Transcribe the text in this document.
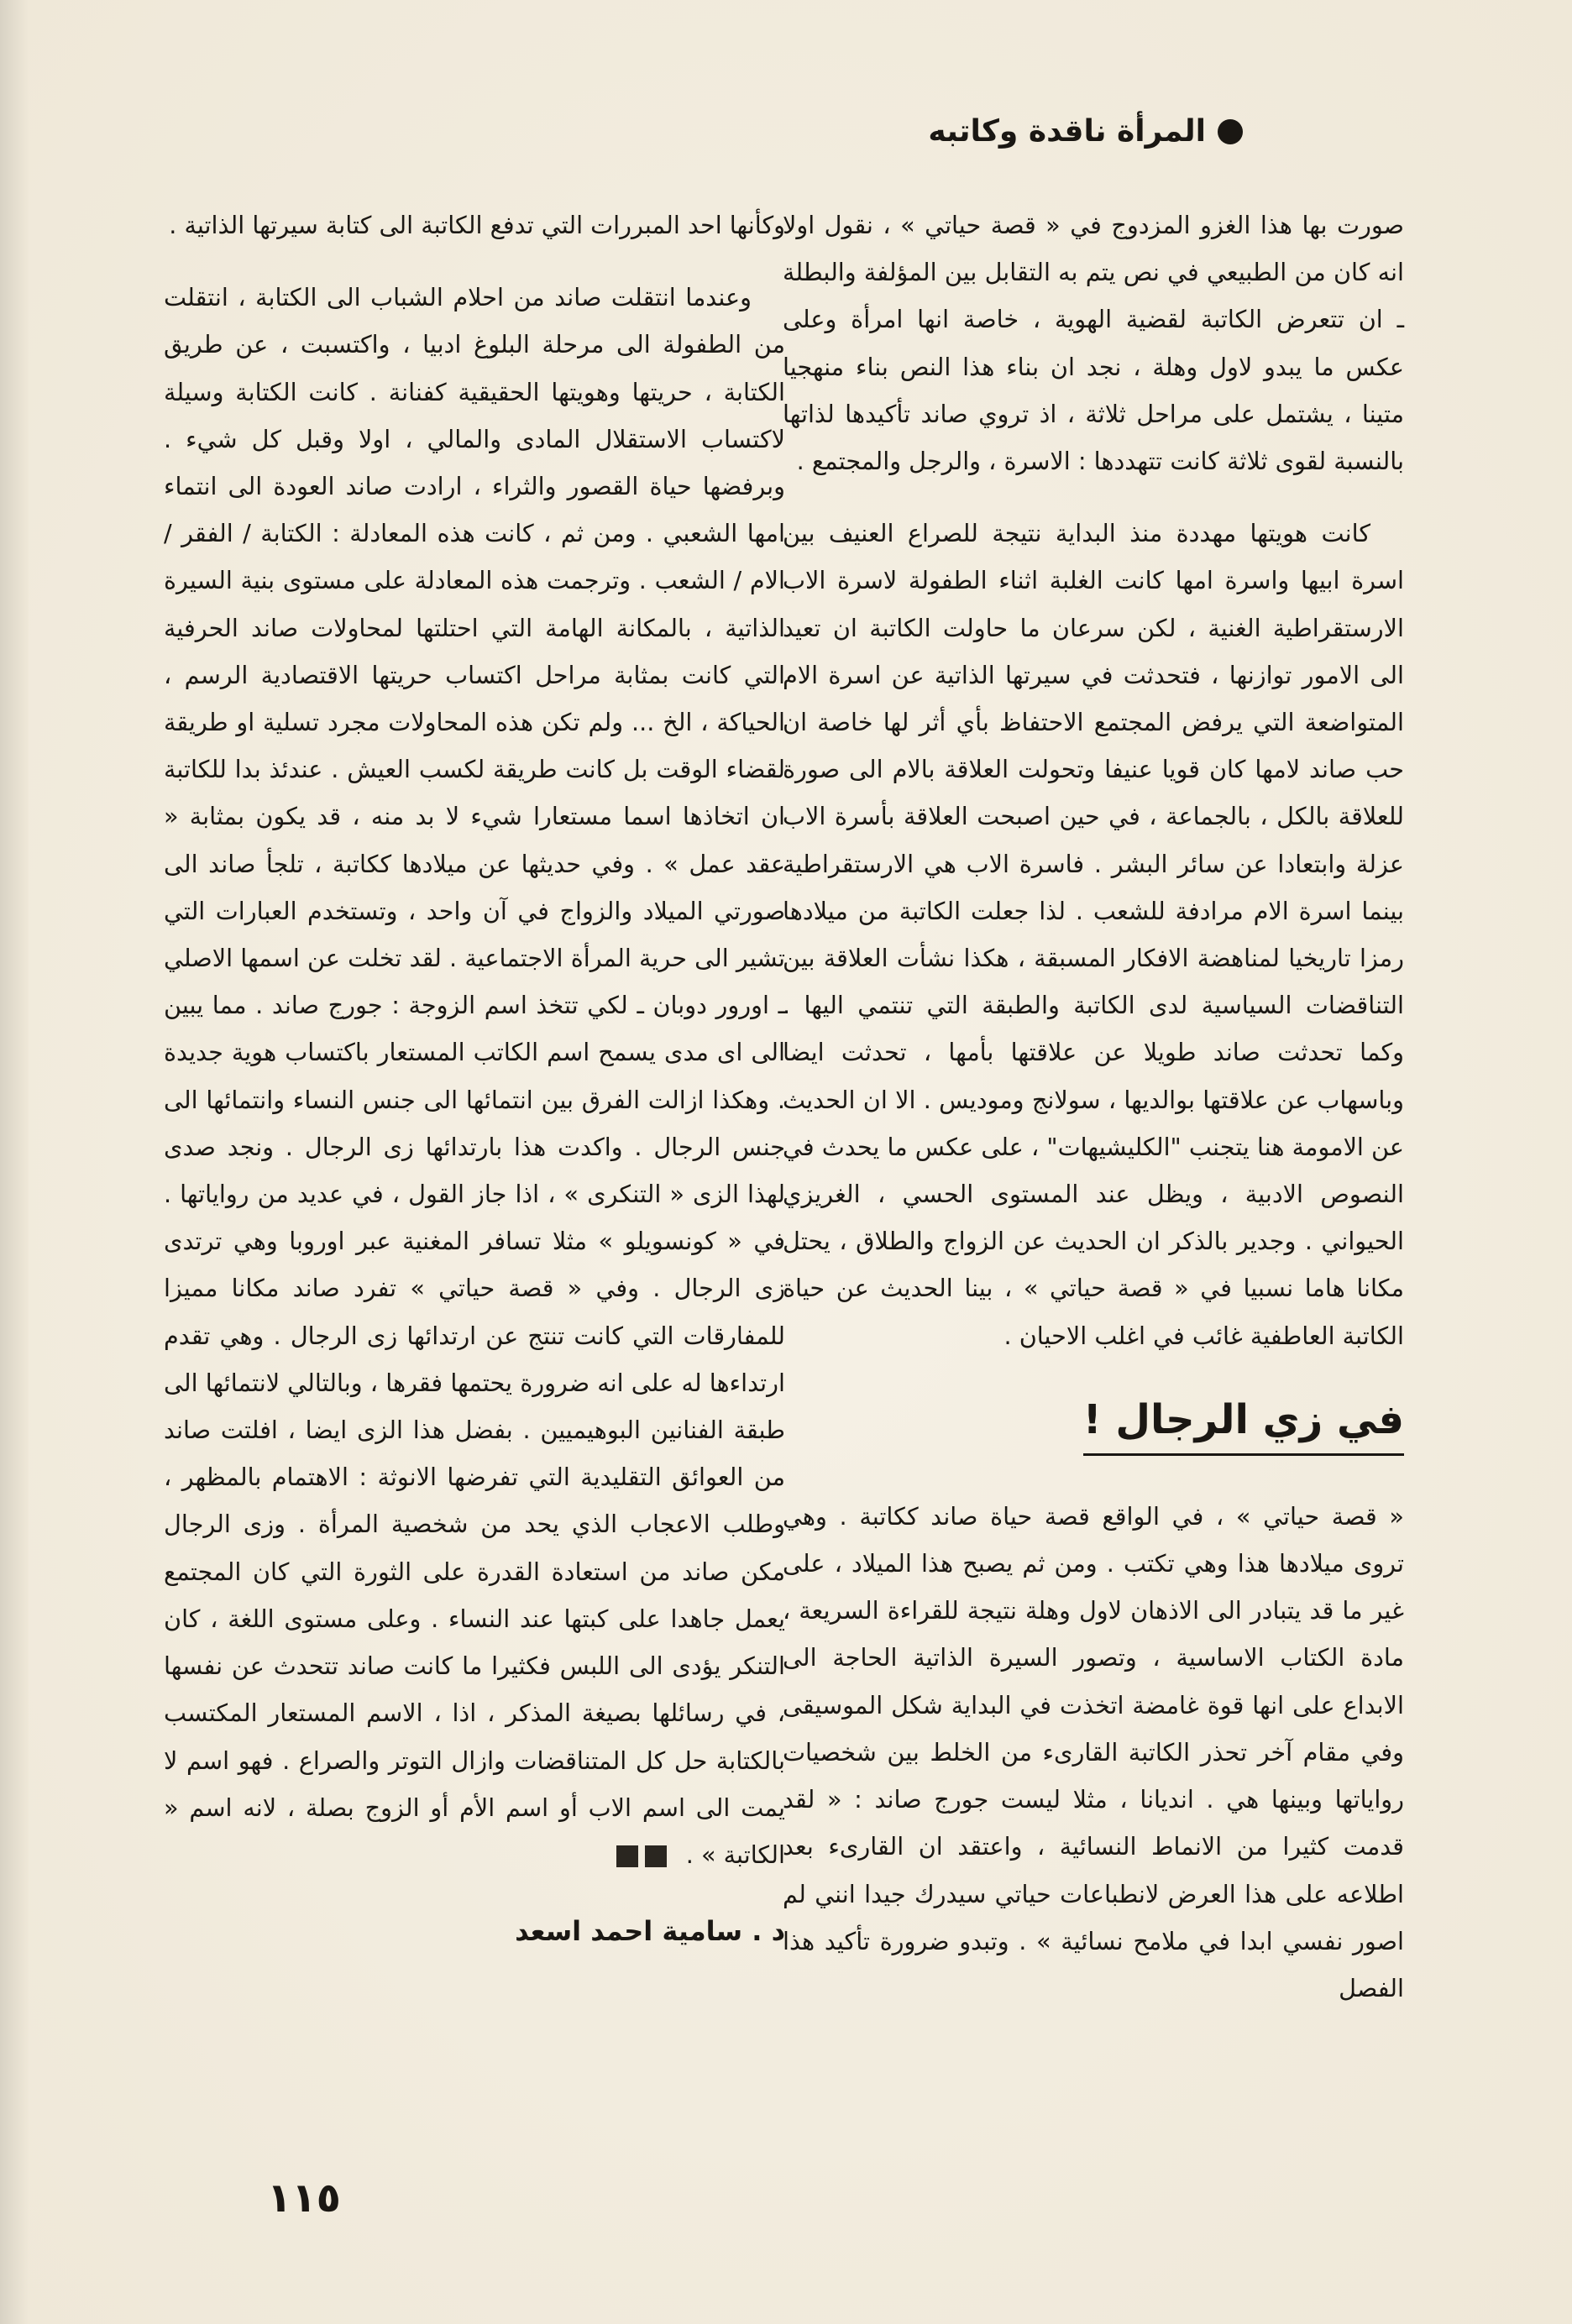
المرأة ناقدة وكاتبه

صورت بها هذا الغزو المزدوج في « قصة حياتي » ، نقول اولا انه كان من الطبيعي في نص يتم به التقابل بين المؤلفة والبطلة ـ ان تتعرض الكاتبة لقضية الهوية ، خاصة انها امرأة وعلى عكس ما يبدو لاول وهلة ، نجد ان بناء هذا النص بناء منهجيا متينا ، يشتمل على مراحل ثلاثة ، اذ تروي صاند تأكيدها لذاتها بالنسبة لقوى ثلاثة كانت تتهددها : الاسرة ، والرجل والمجتمع .

كانت هويتها مهددة منذ البداية نتيجة للصراع العنيف بين اسرة ابيها واسرة امها كانت الغلبة اثناء الطفولة لاسرة الاب الارستقراطية الغنية ، لكن سرعان ما حاولت الكاتبة ان تعيد الى الامور توازنها ، فتحدثت في سيرتها الذاتية عن اسرة الام المتواضعة التي يرفض المجتمع الاحتفاظ بأي أثر لها خاصة ان حب صاند لامها كان قويا عنيفا وتحولت العلاقة بالام الى صورة للعلاقة بالكل ، بالجماعة ، في حين اصبحت العلاقة بأسرة الاب عزلة وابتعادا عن سائر البشر . فاسرة الاب هي الارستقراطية بينما اسرة الام مرادفة للشعب . لذا جعلت الكاتبة من ميلادها رمزا تاريخيا لمناهضة الافكار المسبقة ، هكذا نشأت العلاقة بين التناقضات السياسية لدى الكاتبة والطبقة التي تنتمي اليها . وكما تحدثت صاند طويلا عن علاقتها بأمها ، تحدثت ايضا وباسهاب عن علاقتها بوالديها ، سولانج وموديس . الا ان الحديث عن الامومة هنا يتجنب "الكليشيهات" ، على عكس ما يحدث في النصوص الادبية ، ويظل عند المستوى الحسي ، الغريزي الحيواني . وجدير بالذكر ان الحديث عن الزواج والطلاق ، يحتل مكانا هاما نسبيا في « قصة حياتي » ، بينا الحديث عن حياة الكاتبة العاطفية غائب في اغلب الاحيان .

في زي الرجال !

« قصة حياتي » ، في الواقع قصة حياة صاند ككاتبة . وهي تروى ميلادها هذا وهي تكتب . ومن ثم يصبح هذا الميلاد ، على غير ما قد يتبادر الى الاذهان لاول وهلة نتيجة للقراءة السريعة ، مادة الكتاب الاساسية ، وتصور السيرة الذاتية الحاجة الى الابداع على انها قوة غامضة اتخذت في البداية شكل الموسيقى وفي مقام آخر تحذر الكاتبة القارىء من الخلط بين شخصيات رواياتها وبينها هي . انديانا ، مثلا ليست جورج صاند : « لقد قدمت كثيرا من الانماط النسائية ، واعتقد ان القارىء بعد اطلاعه على هذا العرض لانطباعات حياتي سيدرك جيدا انني لم اصور نفسي ابدا في ملامح نسائية » . وتبدو ضرورة تأكيد هذا الفصل

وكأنها احد المبررات التي تدفع الكاتبة الى كتابة سيرتها الذاتية .

وعندما انتقلت صاند من احلام الشباب الى الكتابة ، انتقلت من الطفولة الى مرحلة البلوغ ادبيا ، واكتسبت ، عن طريق الكتابة ، حريتها وهويتها الحقيقية كفنانة . كانت الكتابة وسيلة لاكتساب الاستقلال المادى والمالي ، اولا وقبل كل شيء . وبرفضها حياة القصور والثراء ، ارادت صاند العودة الى انتماء امها الشعبي . ومن ثم ، كانت هذه المعادلة : الكتابة / الفقر / الام / الشعب . وترجمت هذه المعادلة على مستوى بنية السيرة الذاتية ، بالمكانة الهامة التي احتلتها لمحاولات صاند الحرفية التي كانت بمثابة مراحل اكتساب حريتها الاقتصادية الرسم ، الحياكة ، الخ ... ولم تكن هذه المحاولات مجرد تسلية او طريقة لقضاء الوقت بل كانت طريقة لكسب العيش . عندئذ بدا للكاتبة ان اتخاذها اسما مستعارا شيء لا بد منه ، قد يكون بمثابة « عقد عمل » . وفي حديثها عن ميلادها ككاتبة ، تلجأ صاند الى صورتي الميلاد والزواج في آن واحد ، وتستخدم العبارات التي تشير الى حرية المرأة الاجتماعية . لقد تخلت عن اسمها الاصلي ـ اورور دوبان ـ لكي تتخذ اسم الزوجة : جورج صاند . مما يبين الى اى مدى يسمح اسم الكاتب المستعار باكتساب هوية جديدة . وهكذا ازالت الفرق بين انتمائها الى جنس النساء وانتمائها الى جنس الرجال . واكدت هذا بارتدائها زى الرجال . ونجد صدى لهذا الزى « التنكرى » ، اذا جاز القول ، في عديد من رواياتها . في « كونسويلو » مثلا تسافر المغنية عبر اوروبا وهي ترتدى زى الرجال . وفي « قصة حياتي » تفرد صاند مكانا مميزا للمفارقات التي كانت تنتج عن ارتدائها زى الرجال . وهي تقدم ارتداءها له على انه ضرورة يحتمها فقرها ، وبالتالي لانتمائها الى طبقة الفنانين البوهيميين . بفضل هذا الزى ايضا ، افلتت صاند من العوائق التقليدية التي تفرضها الانوثة : الاهتمام بالمظهر ، وطلب الاعجاب الذي يحد من شخصية المرأة . وزى الرجال مكن صاند من استعادة القدرة على الثورة التي كان المجتمع يعمل جاهدا على كبتها عند النساء . وعلى مستوى اللغة ، كان التنكر يؤدى الى اللبس فكثيرا ما كانت صاند تتحدث عن نفسها ، في رسائلها بصيغة المذكر ، اذا ، الاسم المستعار المكتسب بالكتابة حل كل المتناقضات وازال التوتر والصراع . فهو اسم لا يمت الى اسم الاب أو اسم الأم أو الزوج بصلة ، لانه اسم « الكاتبة » .

د . سامية احمد اسعد
١١٥
